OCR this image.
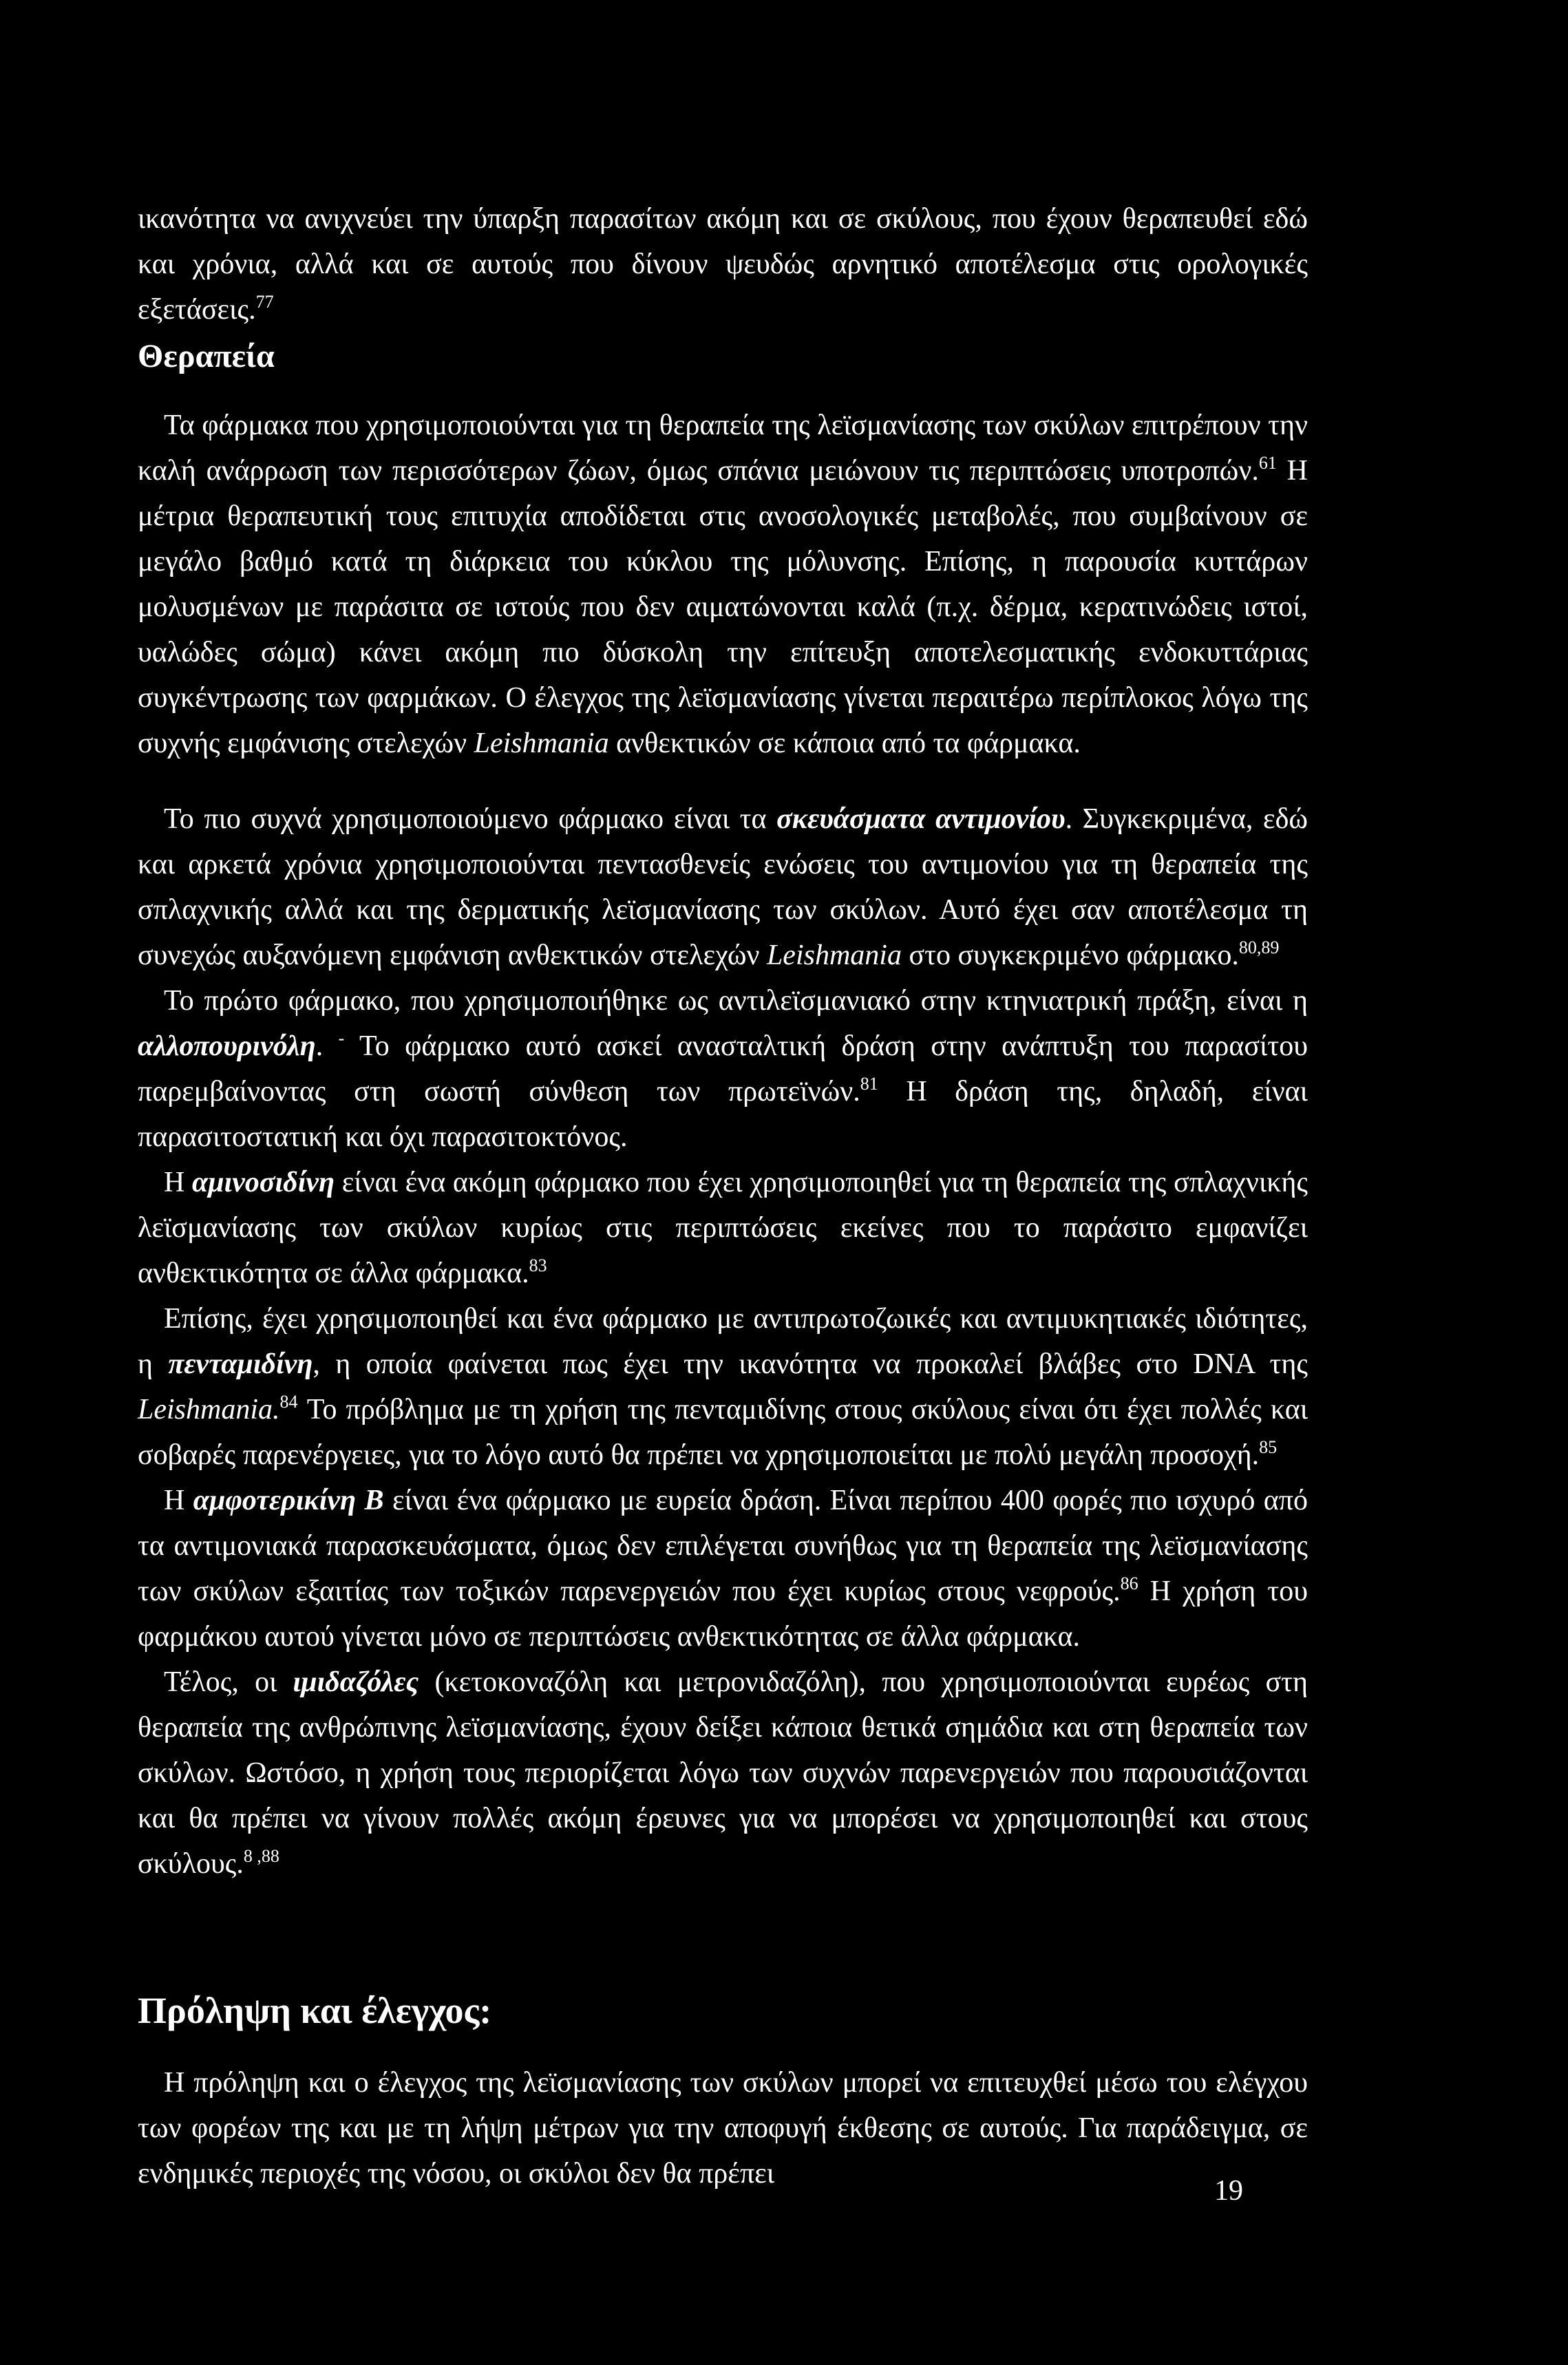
ικανότητα να ανιχνεύει την ύπαρξη παρασίτων ακόμη και σε σκύλους, που έχουν θεραπευθεί εδώ και χρόνια, αλλά και σε αυτούς που δίνουν ψευδώς αρνητικό αποτέλεσμα στις ορολογικές εξετάσεις.$^{77}$

Θεραπεία

Τα φάρμακα που χρησιμοποιούνται για τη θεραπεία της λεϊσμανίασης των σκύλων επιτρέπουν την καλή ανάρρωση των περισσότερων ζώων, όμως σπάνια μειώνουν τις περιπτώσεις υποτροπών.$^{61}$ Η μέτρια θεραπευτική τους επιτυχία αποδίδεται στις ανοσολογικές μεταβολές, που συμβαίνουν σε μεγάλο βαθμό κατά τη διάρκεια του κύκλου της μόλυνσης. Επίσης, η παρουσία κυττάρων μολυσμένων με παράσιτα σε ιστούς που δεν αιματώνονται καλά (π.χ. δέρμα, κερατινώδεις ιστοί, υαλώδες σώμα) κάνει ακόμη πιο δύσκολη την επίτευξη αποτελεσματικής ενδοκυττάριας συγκέντρωσης των φαρμάκων. Ο έλεγχος της λεϊσμανίασης γίνεται περαιτέρω περίπλοκος λόγω της συχνής εμφάνισης στελεχών Leishmania ανθεκτικών σε κάποια από τα φάρμακα.

Το πιο συχνά χρησιμοποιούμενο φάρμακο είναι τα σκευάσματα αντιμονίου. Συγκεκριμένα, εδώ και αρκετά χρόνια χρησιμοποιούνται πεντασθενείς ενώσεις του αντιμονίου για τη θεραπεία της σπλαχνικής αλλά και της δερματικής λεϊσμανίασης των σκύλων. Αυτό έχει σαν αποτέλεσμα τη συνεχώς αυξανόμενη εμφάνιση ανθεκτικών στελεχών Leishmania στο συγκεκριμένο φάρμακο.$^{80,89}$

Το πρώτο φάρμακο, που χρησιμοποιήθηκε ως αντιλεϊσμανιακό στην κτηνιατρική πράξη, είναι η αλλοπουρινόλη. - Το φάρμακο αυτό ασκεί ανασταλτική δράση στην ανάπτυξη του παρασίτου παρεμβαίνοντας στη σωστή σύνθεση των πρωτεϊνών.$^{81}$ Η δράση της, δηλαδή, είναι παρασιτοστατική και όχι παρασιτοκτόνος.

Η αμινοσιδίνη είναι ένα ακόμη φάρμακο που έχει χρησιμοποιηθεί για τη θεραπεία της σπλαχνικής λεϊσμανίασης των σκύλων κυρίως στις περιπτώσεις εκείνες που το παράσιτο εμφανίζει ανθεκτικότητα σε άλλα φάρμακα.$^{83}$

Επίσης, έχει χρησιμοποιηθεί και ένα φάρμακο με αντιπρωτοζωικές και αντιμυκητιακές ιδιότητες, η πενταμιδίνη, η οποία φαίνεται πως έχει την ικανότητα να προκαλεί βλάβες στο DNA της Leishmania.$^{84}$ Το πρόβλημα με τη χρήση της πενταμιδίνης στους σκύλους είναι ότι έχει πολλές και σοβαρές παρενέργειες, για το λόγο αυτό θα πρέπει να χρησιμοποιείται με πολύ μεγάλη προσοχή.$^{85}$

Η αμφοτερικίνη Β είναι ένα φάρμακο με ευρεία δράση. Είναι περίπου 400 φορές πιο ισχυρό από τα αντιμονιακά παρασκευάσματα, όμως δεν επιλέγεται συνήθως για τη θεραπεία της λεϊσμανίασης των σκύλων εξαιτίας των τοξικών παρενεργειών που έχει κυρίως στους νεφρούς.$^{86}$ Η χρήση του φαρμάκου αυτού γίνεται μόνο σε περιπτώσεις ανθεκτικότητας σε άλλα φάρμακα.

Τέλος, οι ιμιδαζόλες (κετοκοναζόλη και μετρονιδαζόλη), που χρησιμοποιούνται ευρέως στη θεραπεία της ανθρώπινης λεϊσμανίασης, έχουν δείξει κάποια θετικά σημάδια και στη θεραπεία των σκύλων. Ωστόσο, η χρήση τους περιορίζεται λόγω των συχνών παρενεργειών που παρουσιάζονται και θα πρέπει να γίνουν πολλές ακόμη έρευνες για να μπορέσει να χρησιμοποιηθεί και στους σκύλους.$^{8 ,88}$

Πρόληψη και έλεγχος:

Η πρόληψη και ο έλεγχος της λεϊσμανίασης των σκύλων μπορεί να επιτευχθεί μέσω του ελέγχου των φορέων της και με τη λήψη μέτρων για την αποφυγή έκθεσης σε αυτούς. Για παράδειγμα, σε ενδημικές περιοχές της νόσου, οι σκύλοι δεν θα πρέπει

19
